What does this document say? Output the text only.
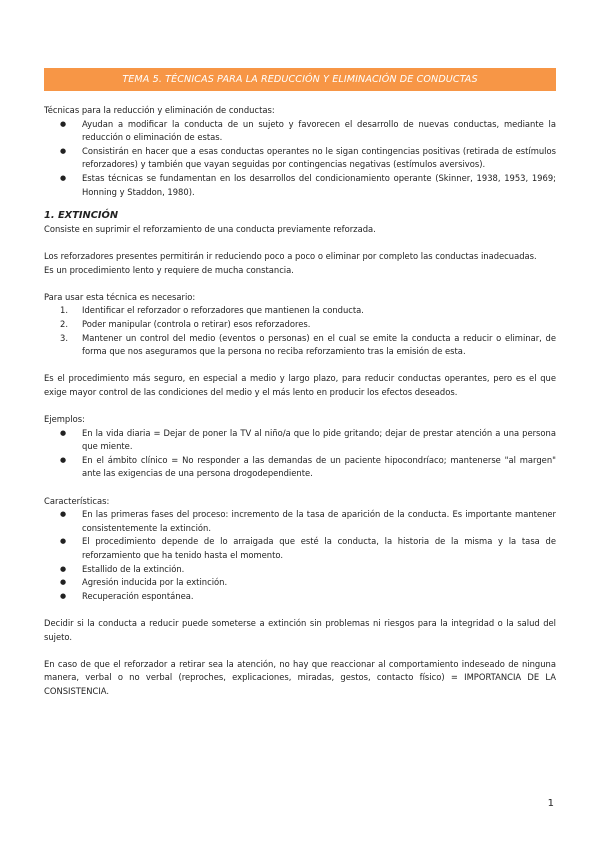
TEMA 5. TÉCNICAS PARA LA REDUCCIÓN Y ELIMINACIÓN DE CONDUCTAS

Técnicas para la reducción y eliminación de conductas:

● Ayudan a modificar la conducta de un sujeto y favorecen el desarrollo de nuevas conductas, mediante la reducción o eliminación de estas.
● Consistirán en hacer que a esas conductas operantes no le sigan contingencias positivas (retirada de estímulos reforzadores) y también que vayan seguidas por contingencias negativas (estímulos aversivos).
● Estas técnicas se fundamentan en los desarrollos del condicionamiento operante (Skinner, 1938, 1953, 1969; Honning y Staddon, 1980).
1. EXTINCIÓN

Consiste en suprimir el reforzamiento de una conducta previamente reforzada.

Los reforzadores presentes permitirán ir reduciendo poco a poco o eliminar por completo las conductas inadecuadas.

Es un procedimiento lento y requiere de mucha constancia.

Para usar esta técnica es necesario:

1. Identificar el reforzador o reforzadores que mantienen la conducta.
2. Poder manipular (controla o retirar) esos reforzadores.
3. Mantener un control del medio (eventos o personas) en el cual se emite la conducta a reducir o eliminar, de forma que nos aseguramos que la persona no reciba reforzamiento tras la emisión de esta.

Es el procedimiento más seguro, en especial a medio y largo plazo, para reducir conductas operantes, pero es el que exige mayor control de las condiciones del medio y el más lento en producir los efectos deseados.

Ejemplos:

● En la vida diaria = Dejar de poner la TV al niño/a que lo pide gritando; dejar de prestar atención a una persona que miente.
● En el ámbito clínico = No responder a las demandas de un paciente hipocondríaco; mantenerse "al margen" ante las exigencias de una persona drogodependiente.

Características:

● En las primeras fases del proceso: incremento de la tasa de aparición de la conducta. Es importante mantener consistentemente la extinción.
● El procedimiento depende de lo arraigada que esté la conducta, la historia de la misma y la tasa de reforzamiento que ha tenido hasta el momento.
● Estallido de la extinción.
● Agresión inducida por la extinción.
● Recuperación espontánea.

Decidir si la conducta a reducir puede someterse a extinción sin problemas ni riesgos para la integridad o la salud del sujeto.

En caso de que el reforzador a retirar sea la atención, no hay que reaccionar al comportamiento indeseado de ninguna manera, verbal o no verbal (reproches, explicaciones, miradas, gestos, contacto físico) = IMPORTANCIA DE LA CONSISTENCIA.

1
